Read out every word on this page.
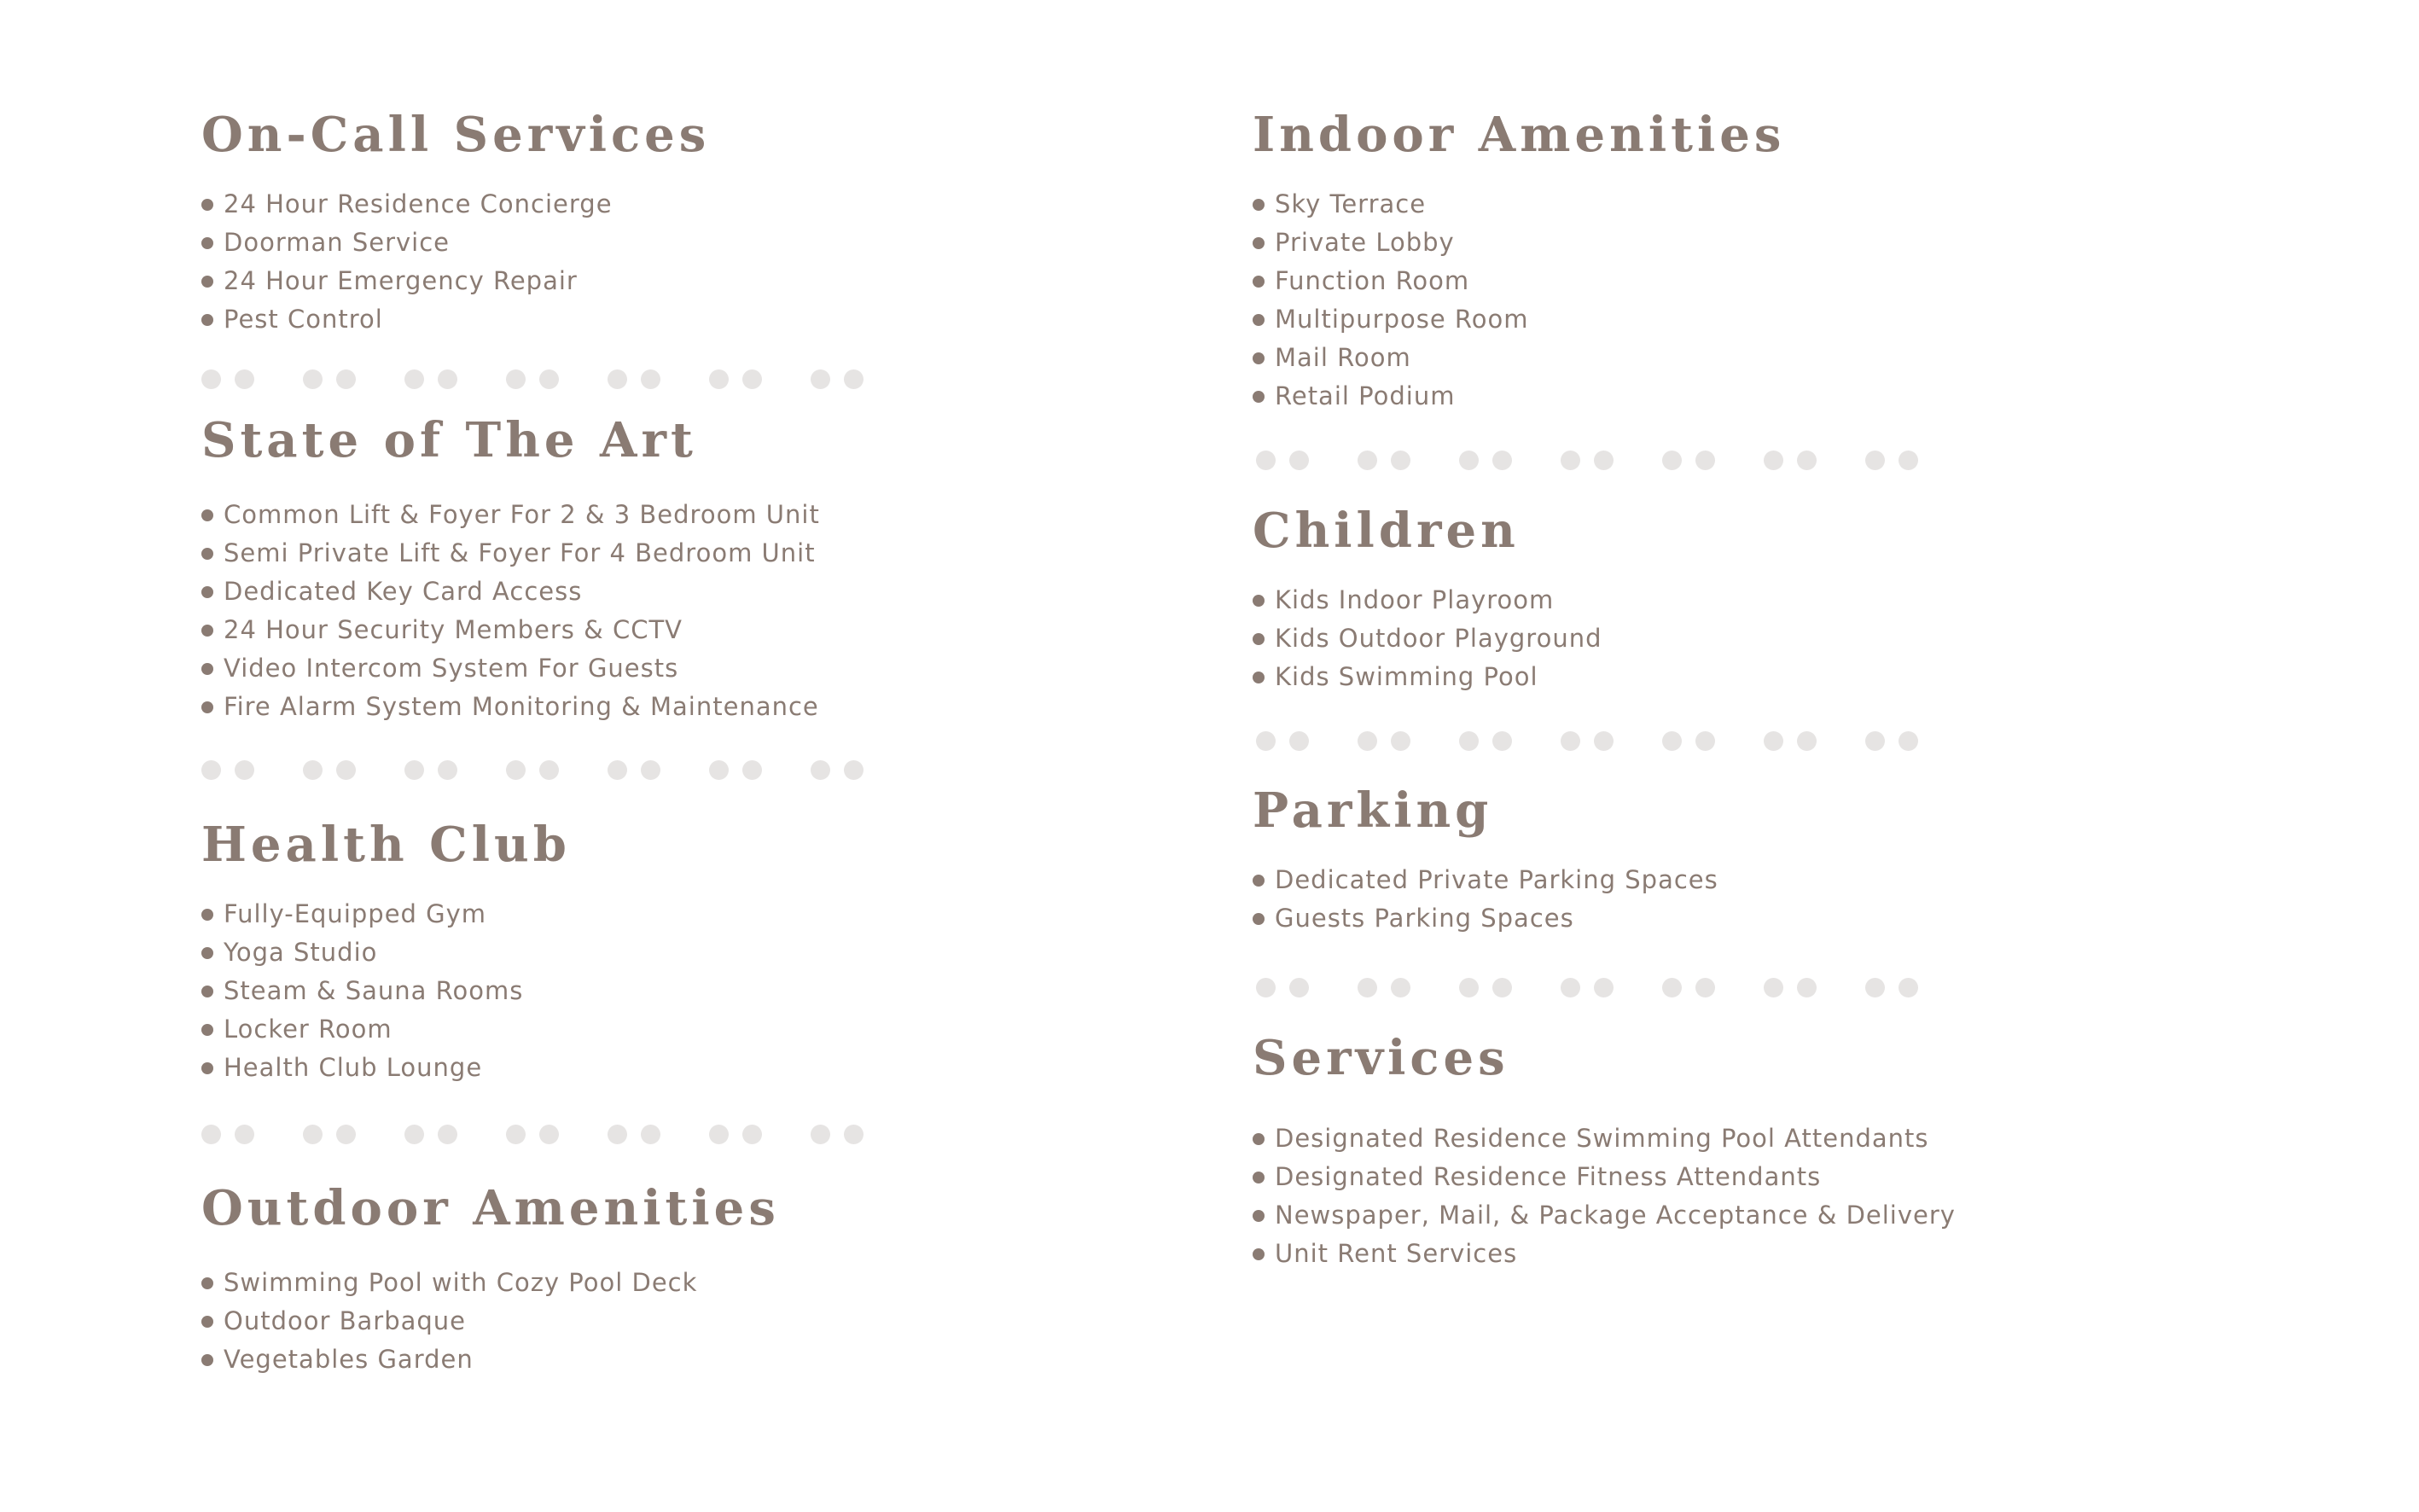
On-Call Services
24 Hour Residence Concierge
Doorman Service
24 Hour Emergency Repair
Pest Control
State of The Art
Common Lift & Foyer For 2 & 3 Bedroom Unit
Semi Private Lift & Foyer For 4 Bedroom Unit
Dedicated Key Card Access
24 Hour Security Members & CCTV
Video Intercom System For Guests
Fire Alarm System Monitoring & Maintenance
Health Club
Fully-Equipped Gym
Yoga Studio
Steam & Sauna Rooms
Locker Room
Health Club Lounge
Outdoor Amenities
Swimming Pool with Cozy Pool Deck
Outdoor Barbaque
Vegetables Garden
Indoor Amenities
Sky Terrace
Private Lobby
Function Room
Multipurpose Room
Mail Room
Retail Podium
Children
Kids Indoor Playroom
Kids Outdoor Playground
Kids Swimming Pool
Parking
Dedicated Private Parking Spaces
Guests Parking Spaces
Services
Designated Residence Swimming Pool Attendants
Designated Residence Fitness Attendants
Newspaper, Mail, & Package Acceptance & Delivery
Unit Rent Services
